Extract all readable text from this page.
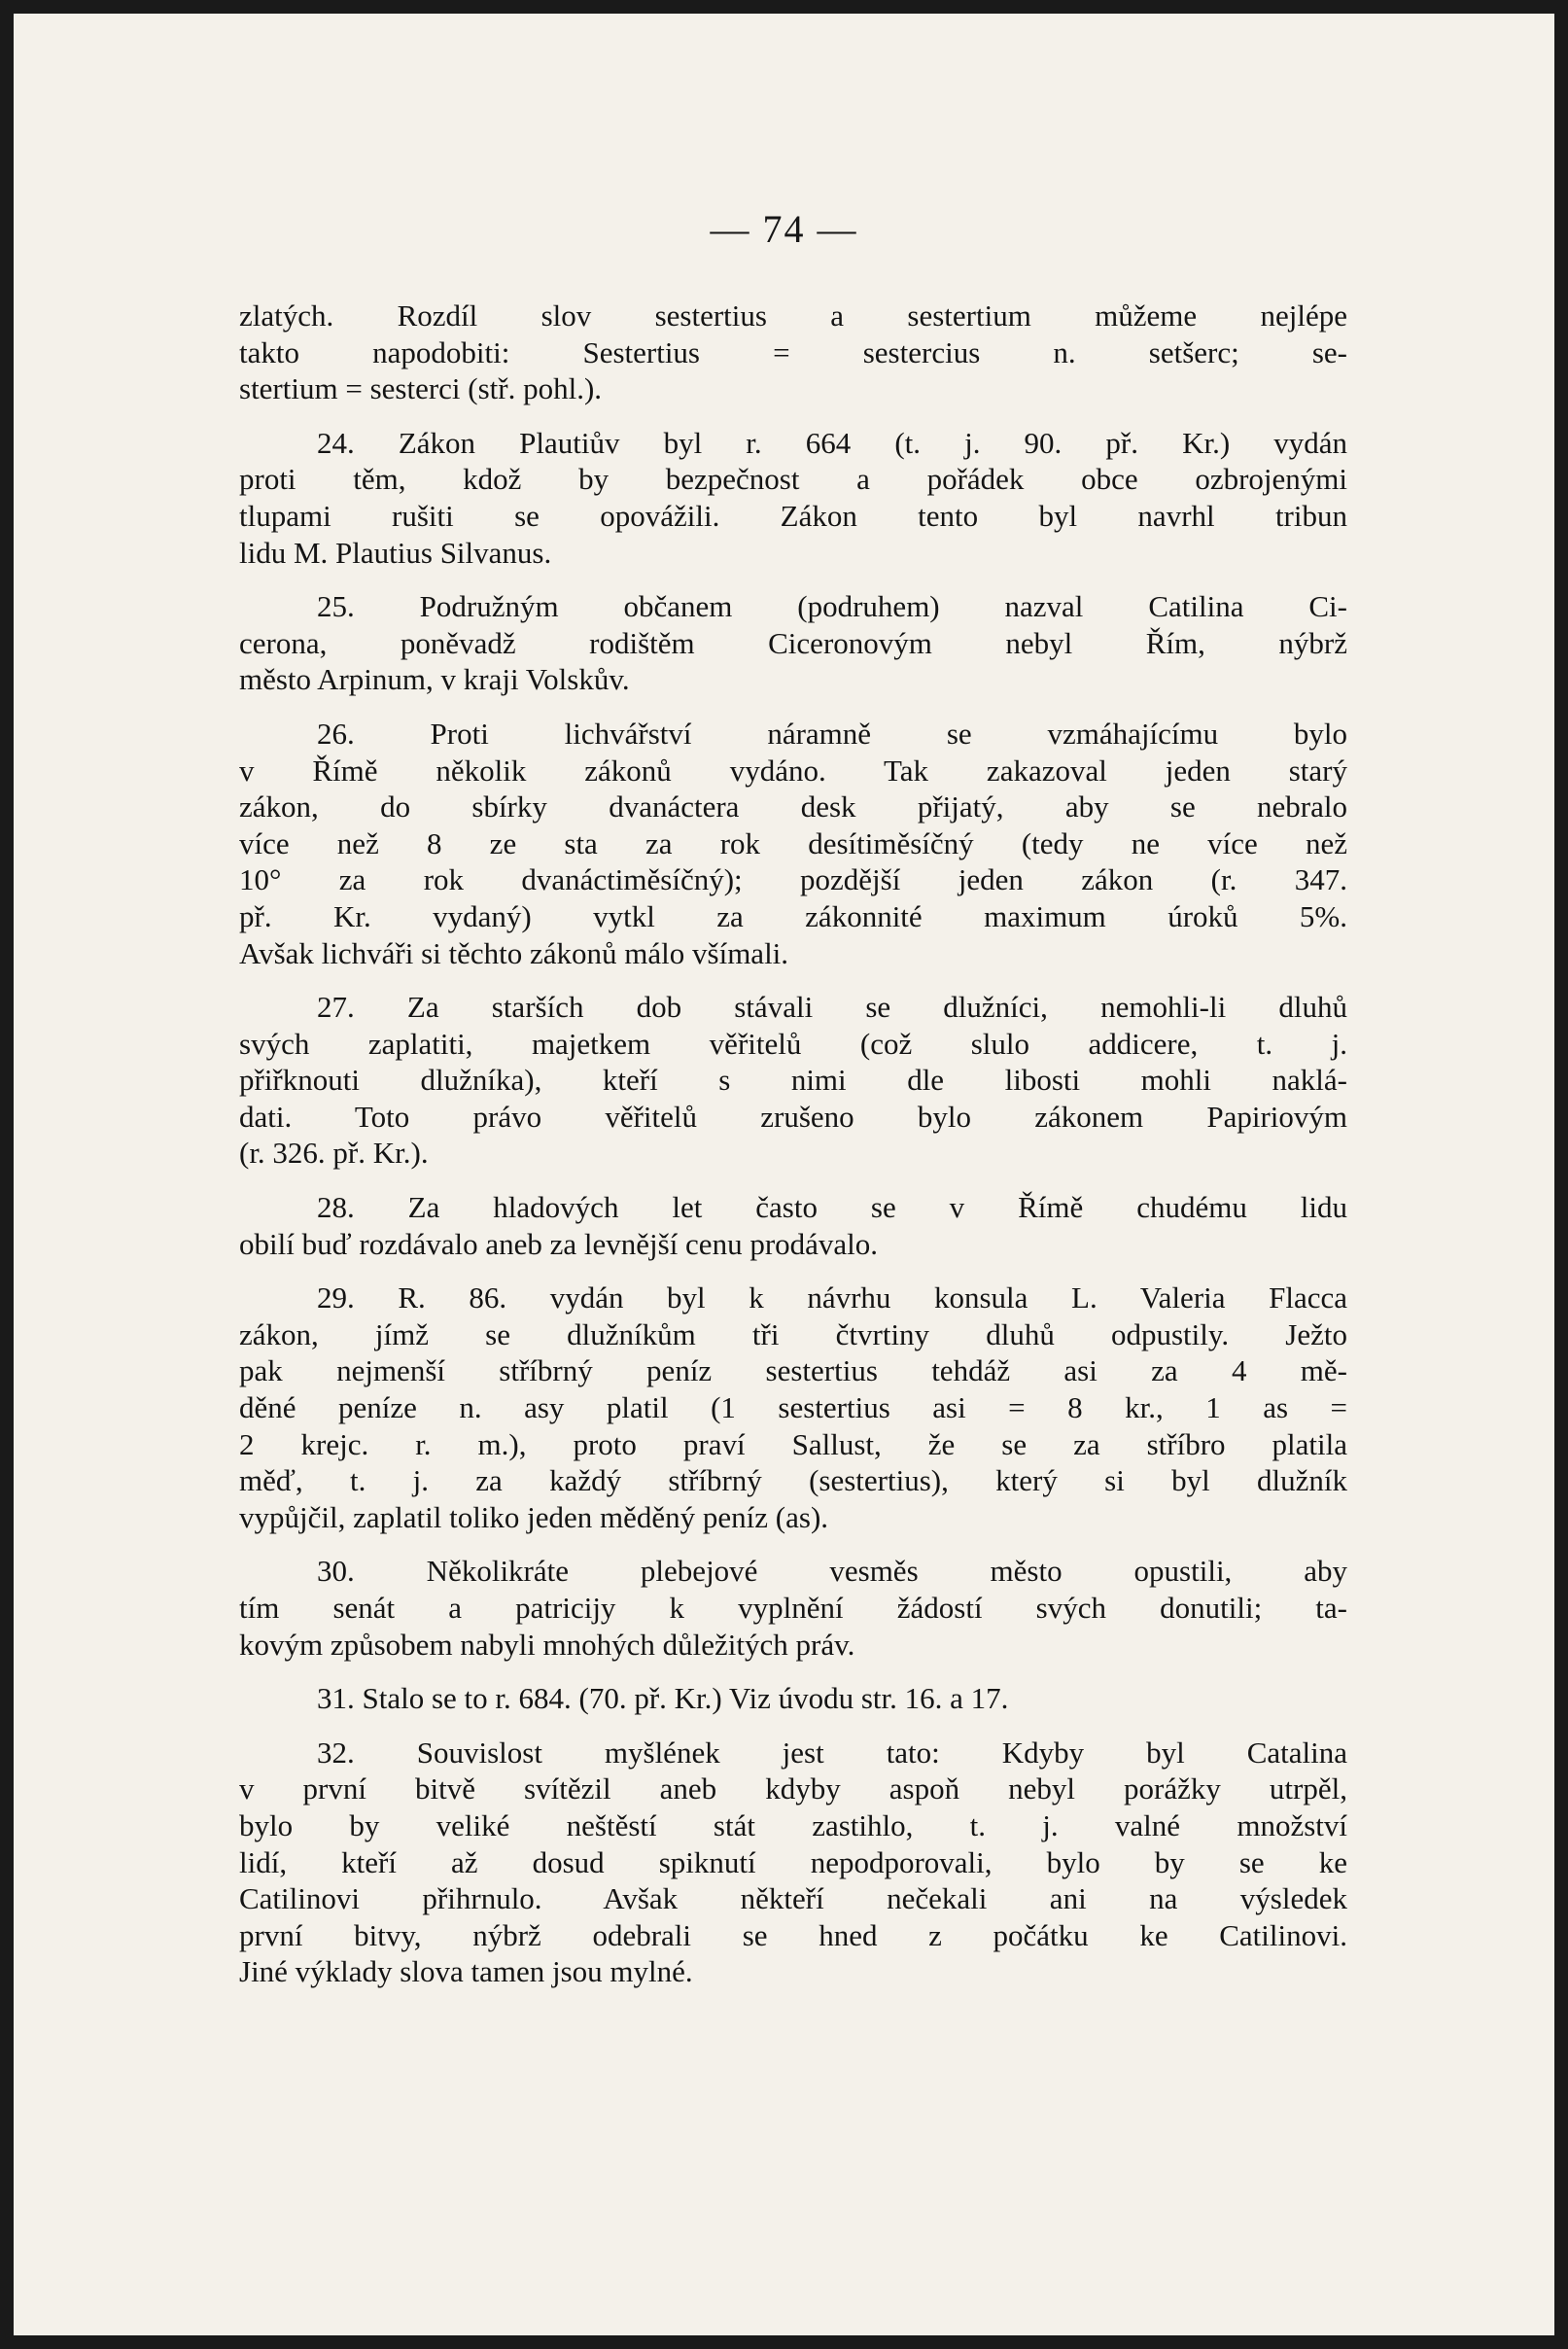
— 74 —
zlatých. Rozdíl slov sestertius a sestertium můžeme nejlépe
takto napodobiti: Sestertius = sestercius n. setšerc; se-
stertium = sesterci (stř. pohl.).
24. Zákon Plautiův byl r. 664 (t. j. 90. př. Kr.) vydán
proti těm, kdož by bezpečnost a pořádek obce ozbrojenými
tlupami rušiti se opovážili. Zákon tento byl navrhl tribun
lidu M. Plautius Silvanus.
25. Podružným občanem (podruhem) nazval Catilina Ci-
cerona, poněvadž rodištěm Ciceronovým nebyl Řím, nýbrž
město Arpinum, v kraji Volskův.
26. Proti lichvářství náramně se vzmáhajícímu bylo
v Římě několik zákonů vydáno. Tak zakazoval jeden starý
zákon, do sbírky dvanáctera desk přijatý, aby se nebralo
více než 8 ze sta za rok desítiměsíčný (tedy ne více než
10° za rok dvanáctiměsíčný); pozdější jeden zákon (r. 347.
př. Kr. vydaný) vytkl za zákonnité maximum úroků 5%.
Avšak lichváři si těchto zákonů málo všímali.
27. Za starších dob stávali se dlužníci, nemohli-li dluhů
svých zaplatiti, majetkem věřitelů (což slulo addicere, t. j.
přiřknouti dlužníka), kteří s nimi dle libosti mohli naklá-
dati. Toto právo věřitelů zrušeno bylo zákonem Papiriovým
(r. 326. př. Kr.).
28. Za hladových let často se v Římě chudému lidu
obilí buď rozdávalo aneb za levnější cenu prodávalo.
29. R. 86. vydán byl k návrhu konsula L. Valeria Flacca
zákon, jímž se dlužníkům tři čtvrtiny dluhů odpustily. Ježto
pak nejmenší stříbrný peníz sestertius tehdáž asi za 4 mě-
děné peníze n. asy platil (1 sestertius asi = 8 kr., 1 as =
2 krejc. r. m.), proto praví Sallust, že se za stříbro platila
měď, t. j. za každý stříbrný (sestertius), který si byl dlužník
vypůjčil, zaplatil toliko jeden měděný peníz (as).
30. Několikráte plebejové vesměs město opustili, aby
tím senát a patricijy k vyplnění žádostí svých donutili; ta-
kovým způsobem nabyli mnohých důležitých práv.
31. Stalo se to r. 684. (70. př. Kr.) Viz úvodu str. 16. a 17.
32. Souvislost myšlének jest tato: Kdyby byl Catalina
v první bitvě svítězil aneb kdyby aspoň nebyl porážky utrpěl,
bylo by veliké neštěstí stát zastihlo, t. j. valné množství
lidí, kteří až dosud spiknutí nepodporovali, bylo by se ke
Catilinovi přihrnulo. Avšak někteří nečekali ani na výsledek
první bitvy, nýbrž odebrali se hned z počátku ke Catilinovi.
Jiné výklady slova tamen jsou mylné.
